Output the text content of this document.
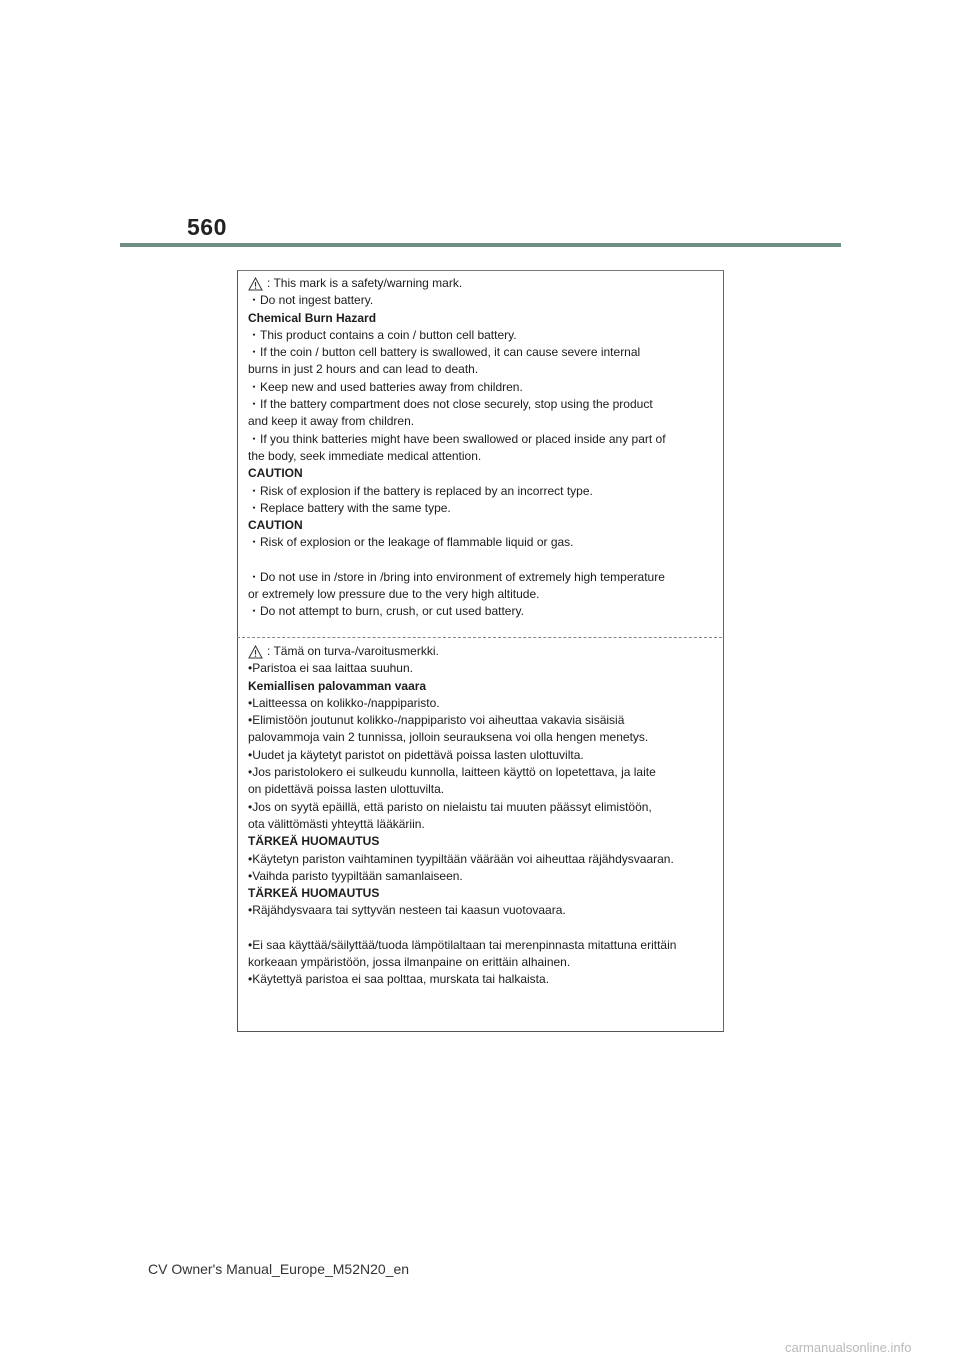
560
: This mark is a safety/warning mark.
・Do not ingest battery.
Chemical Burn Hazard
・This product contains a coin / button cell battery.
・If the coin / button cell battery is swallowed, it can cause severe internal
burns in just 2 hours and can lead to death.
・Keep new and used batteries away from children.
・If the battery compartment does not close securely, stop using the product
and keep it away from children.
・If you think batteries might have been swallowed or placed inside any part of
the body, seek immediate medical attention.
CAUTION
・Risk of explosion if the battery is replaced by an incorrect type.
・Replace battery with the same type.
CAUTION
・Risk of explosion or the leakage of flammable liquid or gas.
・Do not use in /store in /bring into environment of extremely high temperature
or extremely low pressure due to the very high altitude.
・Do not attempt to burn, crush, or cut used battery.
: Tämä on turva-/varoitusmerkki.
•Paristoa ei saa laittaa suuhun.
Kemiallisen palovamman vaara
•Laitteessa on kolikko-/nappiparisto.
•Elimistöön joutunut kolikko-/nappiparisto voi aiheuttaa vakavia sisäisiä
palovammoja vain 2 tunnissa, jolloin seurauksena voi olla hengen menetys.
•Uudet ja käytetyt paristot on pidettävä poissa lasten ulottuvilta.
•Jos paristolokero ei sulkeudu kunnolla, laitteen käyttö on lopetettava, ja laite
on pidettävä poissa lasten ulottuvilta.
•Jos on syytä epäillä, että paristo on nielaistu tai muuten päässyt elimistöön,
ota välittömästi yhteyttä lääkäriin.
TÄRKEÄ HUOMAUTUS
•Käytetyn pariston vaihtaminen tyypiltään väärään voi aiheuttaa räjähdysvaaran.
•Vaihda paristo tyypiltään samanlaiseen.
TÄRKEÄ HUOMAUTUS
•Räjähdysvaara tai syttyvän nesteen tai kaasun vuotovaara.
•Ei saa käyttää/säilyttää/tuoda lämpötilaltaan tai merenpinnasta mitattuna erittäin
korkeaan ympäristöön, jossa ilmanpaine on erittäin alhainen.
•Käytettyä paristoa ei saa polttaa, murskata tai halkaista.
CV Owner's Manual_Europe_M52N20_en
carmanualsonline.info
